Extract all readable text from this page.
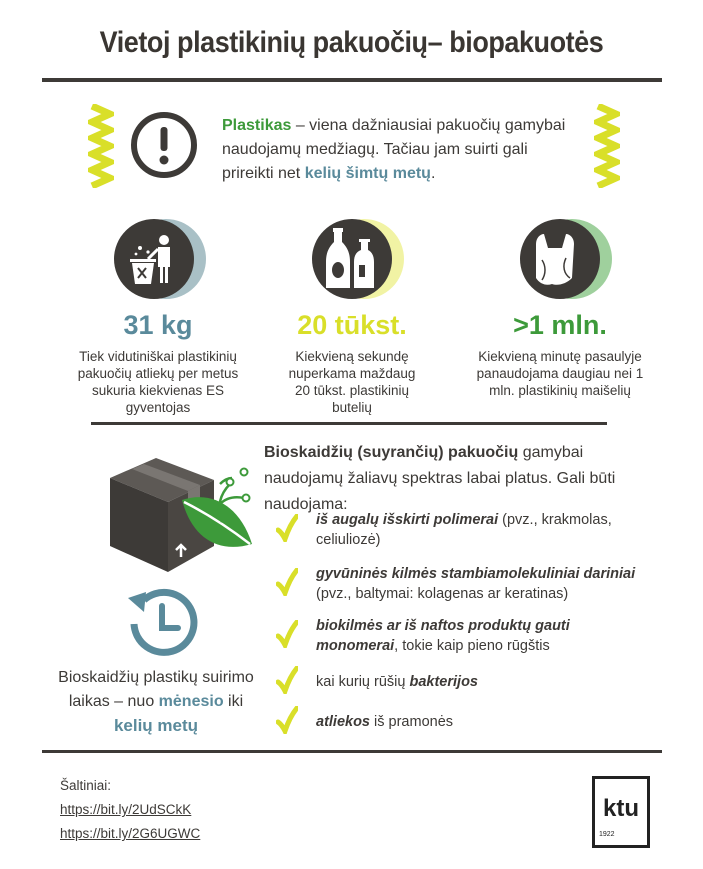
Vietoj plastikinių pakuočių– biopakuotės
Plastikas – viena dažniausiai pakuočių gamybai naudojamų medžiagų. Tačiau jam suirti gali prireikti net kelių šimtų metų.
31 kg
Tiek vidutiniškai plastikinių pakuočių atliekų per metus sukuria kiekvienas ES gyventojas
20 tūkst.
Kiekvieną sekundę nuperkama maždaug 20 tūkst. plastikinių butelių
>1 mln.
Kiekvieną minutę pasaulyje panaudojama daugiau nei 1 mln. plastikinių maišelių
Bioskaidžių plastikų suirimo laikas – nuo mėnesio iki kelių metų
Bioskaidžių (suyrančių) pakuočių gamybai naudojamų žaliavų spektras labai platus. Gali būti naudojama:
iš augalų išskirti polimerai (pvz., krakmolas, celiuliozė)
gyvūninės kilmės stambiamolekuliniai dariniai (pvz., baltymai: kolagenas ar keratinas)
biokilmės ar iš naftos produktų gauti monomerai, tokie kaip pieno rūgštis
kai kurių rūšių bakterijos
atliekos iš pramonės
Šaltiniai:
https://bit.ly/2UdSCkK
https://bit.ly/2G6UGWC
ktu
1922
